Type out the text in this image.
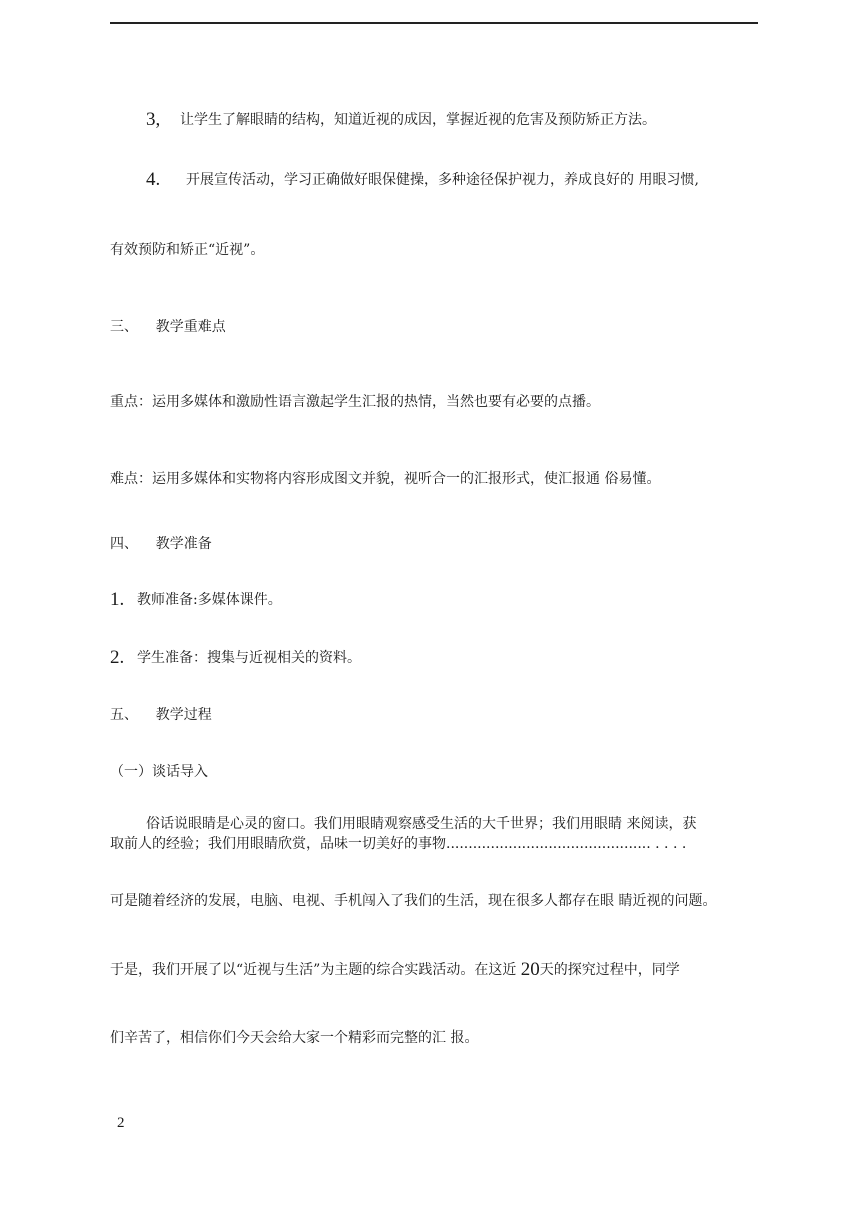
3, 让学生了解眼睛的结构，知道近视的成因，掌握近视的危害及预防矫正方法。
4. 开展宣传活动，学习正确做好眼保健操，多种途径保护视力，养成良好的 用眼习惯,
有效预防和矫正“近视”。
三、    教学重难点
重点：运用多媒体和激励性语言激起学生汇报的热情，当然也要有必要的点播。
难点：运用多媒体和实物将内容形成图文并貌，视听合一的汇报形式，使汇报通 俗易懂。
四、    教学准备
1. 教师准备:多媒体课件。
2. 学生准备：搜集与近视相关的资料。
五、    教学过程
（一）谈话导入
俗话说眼睛是心灵的窗口。我们用眼睛观察感受生活的大千世界；我们用眼睛 来阅读，获
取前人的经验；我们用眼睛欣赏，品味一切美好的事物.............................................. . . . .
可是随着经济的发展，电脑、电视、手机闯入了我们的生活，现在很多人都存在眼 睛近视的问题。
于是，我们开展了以“近视与生活”为主题的综合实践活动。在这近 20天的探究过程中，同学
们辛苦了，相信你们今天会给大家一个精彩而完整的汇 报。
2
